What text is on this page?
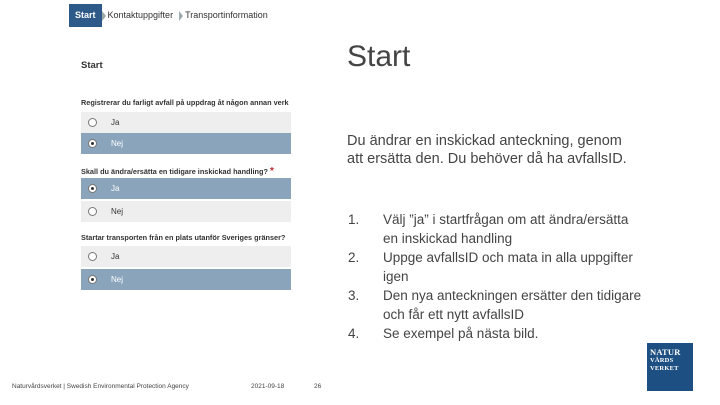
Start	Kontaktuppgifter	Transportinformation
Start
Registrerar du farligt avfall på uppdrag åt någon annan verk
Ja
Nej
Skall du ändra/ersätta en tidigare inskickad handling? *
Ja
Nej
Startar transporten från en plats utanför Sveriges gränser?
Ja
Nej
Start
Du ändrar en inskickad anteckning, genom att ersätta den. Du behöver då ha avfallsID.
1. Välj ”ja” i startfrågan om att ändra/ersätta en inskickad handling
2. Uppge avfallsID och mata in alla uppgifter igen
3. Den nya anteckningen ersätter den tidigare och får ett nytt avfallsID
4. Se exempel på nästa bild.
Naturvårdsverket | Swedish Environmental Protection Agency	2021-09-18	26
NATUR
VÅRDS
VERKET
